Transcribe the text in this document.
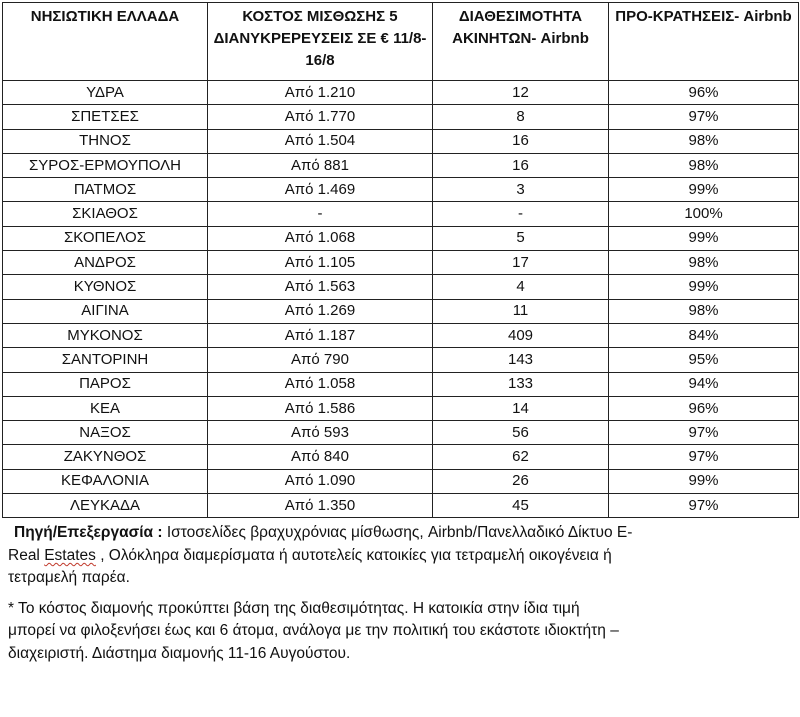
ΝΗΣΙΩΤΙΚΗ ΕΛΛΑΔΑ	ΚΟΣΤΟΣ ΜΙΣΘΩΣΗΣ 5 ΔΙΑΝΥΚΡΕΡΕΥΣΕΙΣ ΣΕ € 11/8-16/8	ΔΙΑΘΕΣΙΜΟΤΗΤΑ ΑΚΙΝΗΤΩΝ- Airbnb	ΠΡΟ-ΚΡΑΤΗΣΕΙΣ- Airbnb
ΥΔΡΑ	Από 1.210	12	96%
ΣΠΕΤΣΕΣ	Από 1.770	8	97%
ΤΗΝΟΣ	Από 1.504	16	98%
ΣΥΡΟΣ-ΕΡΜΟΥΠΟΛΗ	Από 881	16	98%
ΠΑΤΜΟΣ	Από 1.469	3	99%
ΣΚΙΑΘΟΣ	-	-	100%
ΣΚΟΠΕΛΟΣ	Από 1.068	5	99%
ΑΝΔΡΟΣ	Από 1.105	17	98%
ΚΥΘΝΟΣ	Από 1.563	4	99%
ΑΙΓΙΝΑ	Από 1.269	11	98%
ΜΥΚΟΝΟΣ	Από 1.187	409	84%
ΣΑΝΤΟΡΙΝΗ	Από 790	143	95%
ΠΑΡΟΣ	Από 1.058	133	94%
ΚΕΑ	Από 1.586	14	96%
ΝΑΞΟΣ	Από 593	56	97%
ΖΑΚΥΝΘΟΣ	Από 840	62	97%
ΚΕΦΑΛΟΝΙΑ	Από 1.090	26	99%
ΛΕΥΚΑΔΑ	Από 1.350	45	97%

Πηγή/Επεξεργασία : Ιστοσελίδες βραχυχρόνιας μίσθωσης, Airbnb/Πανελλαδικό Δίκτυο E-
Real Estates , Ολόκληρα διαμερίσματα ή αυτοτελείς κατοικίες για τετραμελή οικογένεια ή
τετραμελή παρέα.

* Το κόστος διαμονής προκύπτει βάση της διαθεσιμότητας. Η κατοικία στην ίδια τιμή
μπορεί να φιλοξενήσει έως και 6 άτομα, ανάλογα με την πολιτική του εκάστοτε ιδιοκτήτη –
διαχειριστή. Διάστημα διαμονής 11-16 Αυγούστου.
